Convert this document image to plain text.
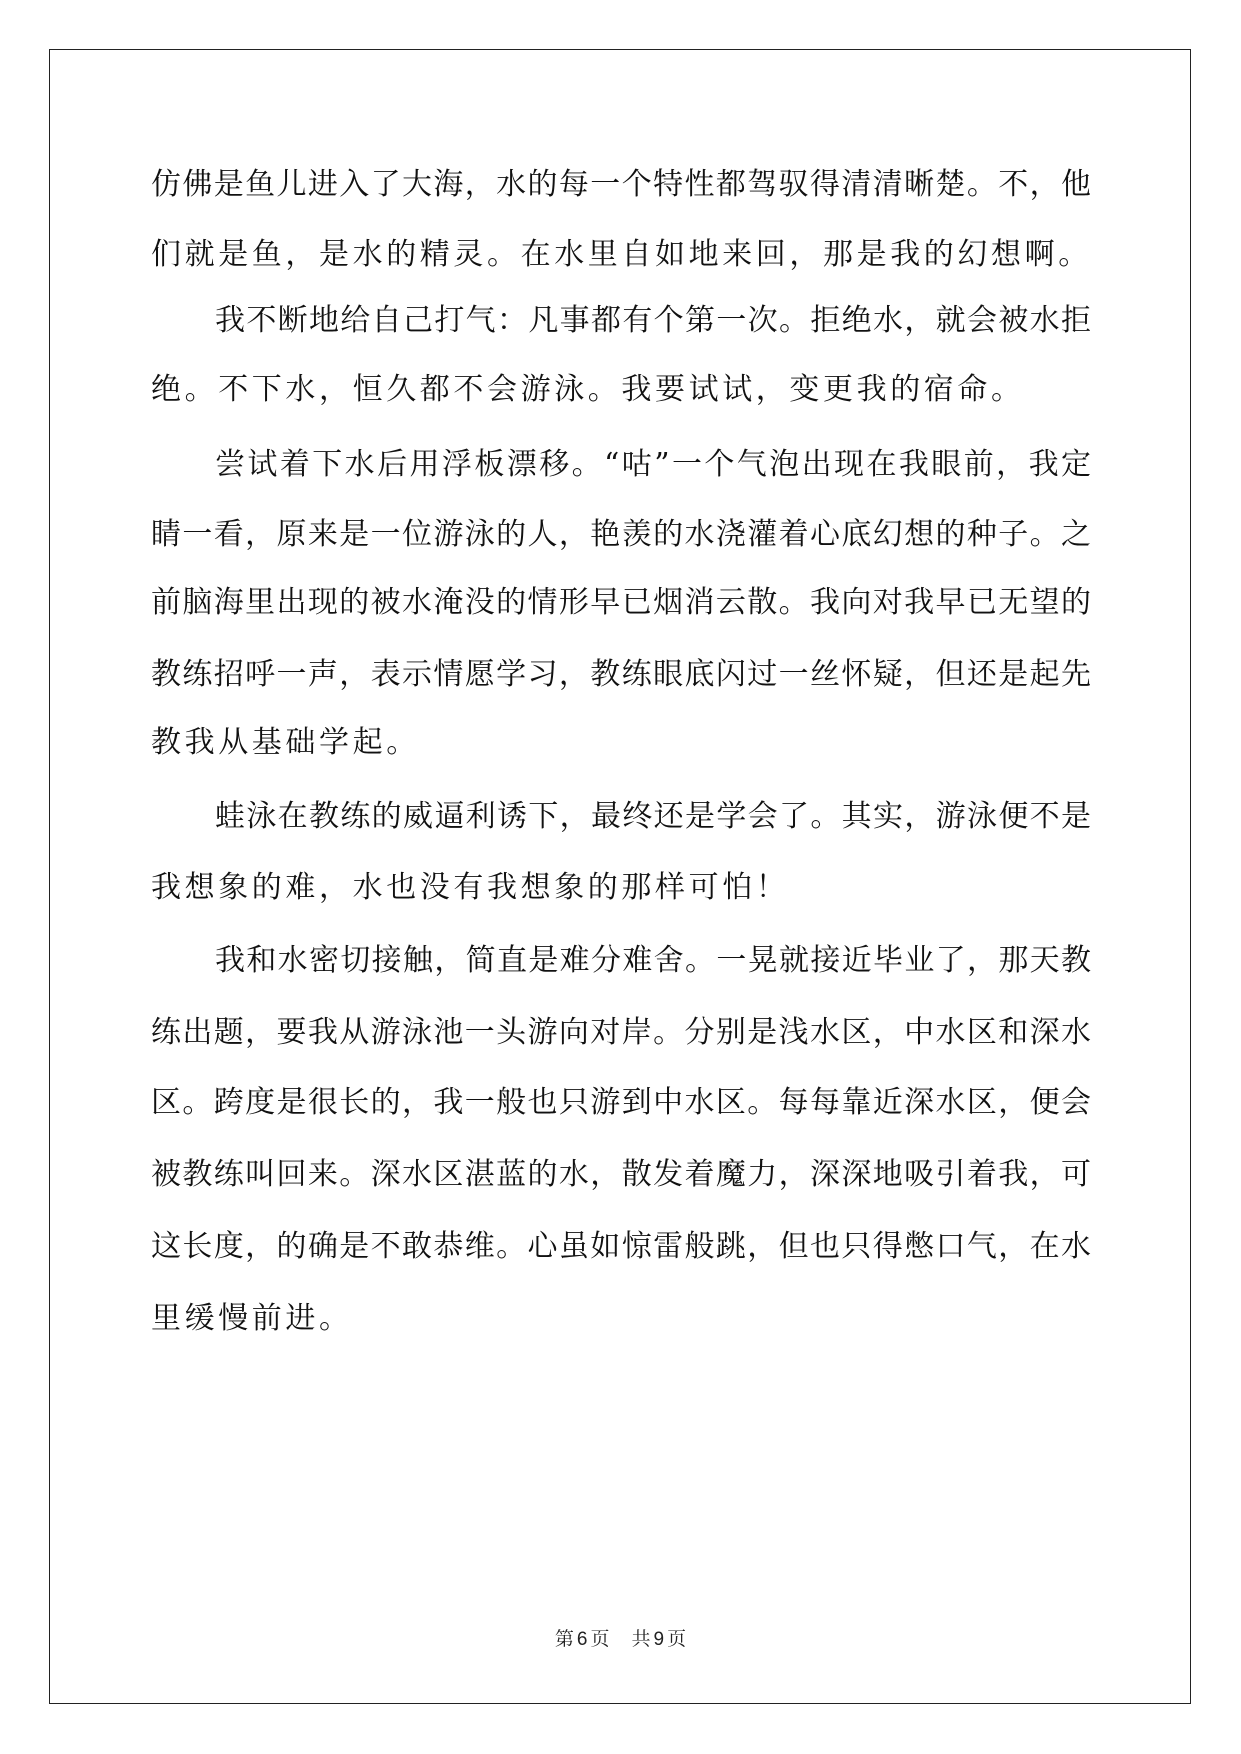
仿佛是鱼儿进入了大海，水的每一个特性都驾驭得清清晰楚。不，他
们就是鱼，是水的精灵。在水里自如地来回，那是我的幻想啊。
我不断地给自己打气：凡事都有个第一次。拒绝水，就会被水拒
绝。不下水，恒久都不会游泳。我要试试，变更我的宿命。
尝试着下水后用浮板漂移。“咕”一个气泡出现在我眼前，我定
睛一看，原来是一位游泳的人，艳羡的水浇灌着心底幻想的种子。之
前脑海里出现的被水淹没的情形早已烟消云散。我向对我早已无望的
教练招呼一声，表示情愿学习，教练眼底闪过一丝怀疑，但还是起先
教我从基础学起。
蛙泳在教练的威逼利诱下，最终还是学会了。其实，游泳便不是
我想象的难，水也没有我想象的那样可怕！
我和水密切接触，简直是难分难舍。一晃就接近毕业了，那天教
练出题，要我从游泳池一头游向对岸。分别是浅水区，中水区和深水
区。跨度是很长的，我一般也只游到中水区。每每靠近深水区，便会
被教练叫回来。深水区湛蓝的水，散发着魔力，深深地吸引着我，可
这长度，的确是不敢恭维。心虽如惊雷般跳，但也只得憋口气，在水
里缓慢前进。
第 6 页 共 9 页
